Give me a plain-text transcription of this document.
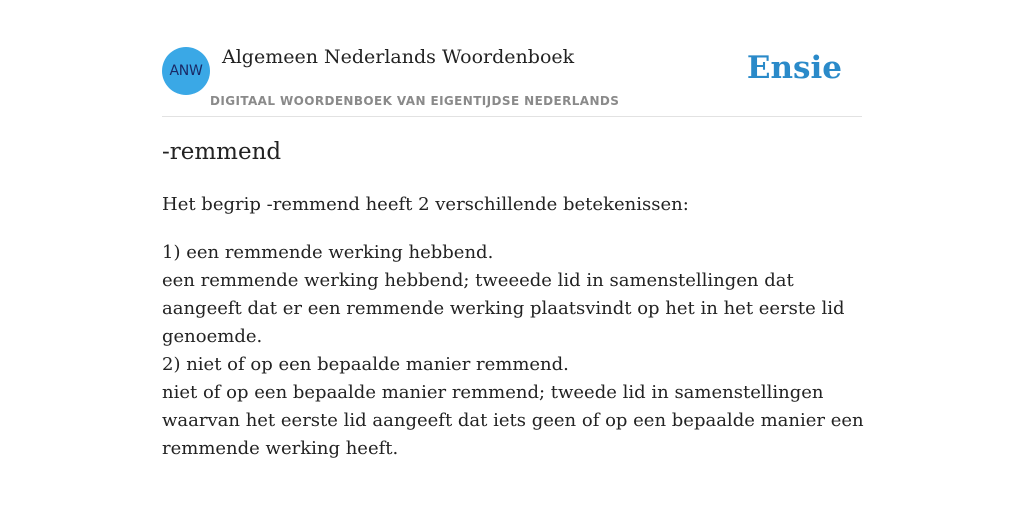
ANW
Algemeen Nederlands Woordenboek
DIGITAAL WOORDENBOEK VAN EIGENTIJDSE NEDERLANDS
Ensie
-remmend
Het begrip -remmend heeft 2 verschillende betekenissen:

1) een remmende werking hebbend.

een remmende werking hebbend; tweeede lid in samenstellingen dat aangeeft dat er een remmende werking plaatsvindt op het in het eerste lid genoemde.

2) niet of op een bepaalde manier remmend.

niet of op een bepaalde manier remmend; tweede lid in samenstellingen waarvan het eerste lid aangeeft dat iets geen of op een bepaalde manier een remmende werking heeft.
